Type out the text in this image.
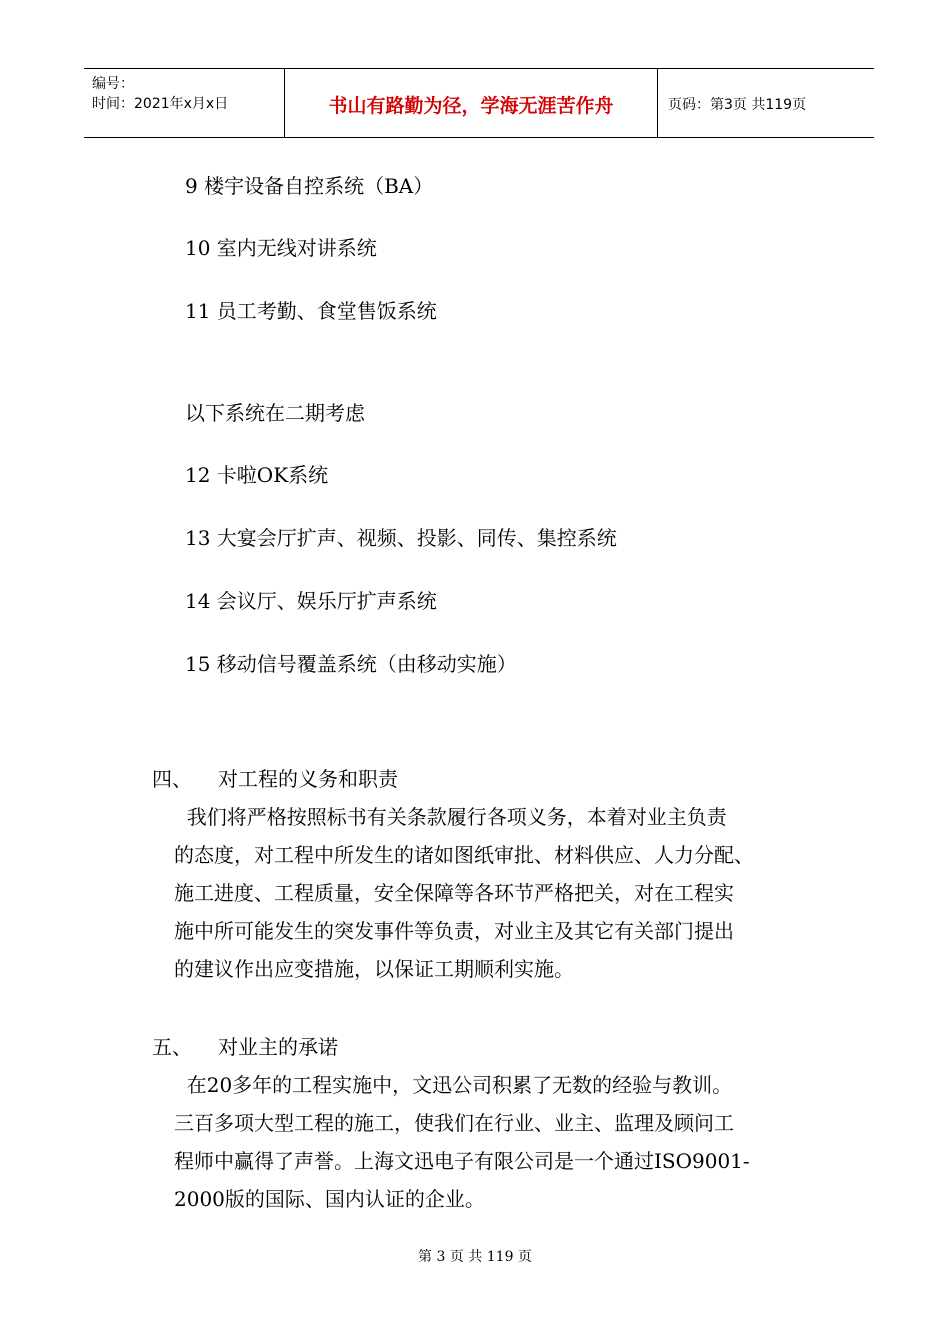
编号：
时间：2021年x月x日	书山有路勤为径，学海无涯苦作舟	页码：第3页 共119页
9 楼宇设备自控系统（BA）
10 室内无线对讲系统
11 员工考勤、食堂售饭系统
以下系统在二期考虑
12 卡啦OK系统
13 大宴会厅扩声、视频、投影、同传、集控系统
14 会议厅、娱乐厅扩声系统
15 移动信号覆盖系统（由移动实施）
四、 对工程的义务和职责
我们将严格按照标书有关条款履行各项义务，本着对业主负责
的态度，对工程中所发生的诸如图纸审批、材料供应、人力分配、
施工进度、工程质量，安全保障等各环节严格把关，对在工程实
施中所可能发生的突发事件等负责，对业主及其它有关部门提出
的建议作出应变措施，以保证工期顺利实施。
五、 对业主的承诺
在20多年的工程实施中，文迅公司积累了无数的经验与教训。
三百多项大型工程的施工，使我们在行业、业主、监理及顾问工
程师中赢得了声誉。上海文迅电子有限公司是一个通过ISO9001-
2000版的国际、国内认证的企业。
第 3 页 共 119 页
